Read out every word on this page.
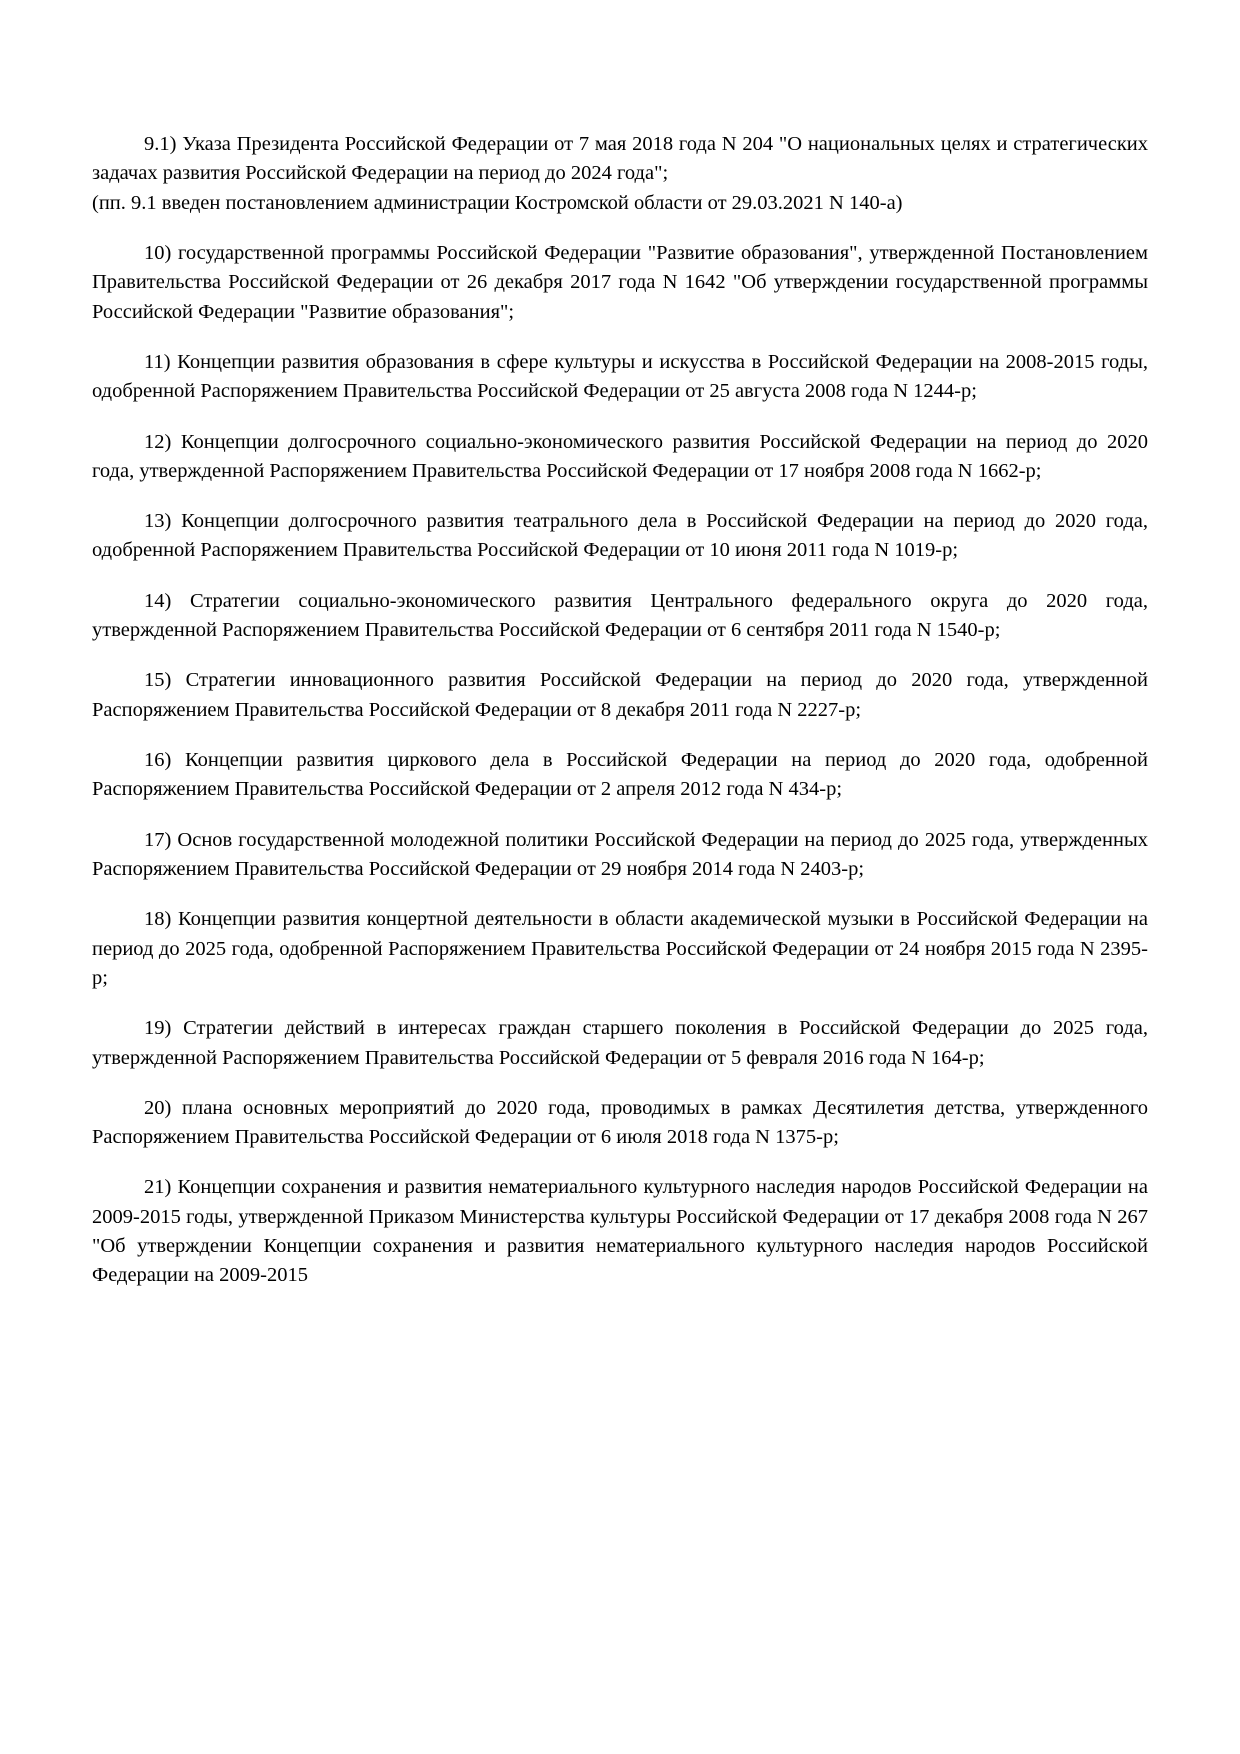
9.1) Указа Президента Российской Федерации от 7 мая 2018 года N 204 "О национальных целях и стратегических задачах развития Российской Федерации на период до 2024 года";

(пп. 9.1 введен постановлением администрации Костромской области от 29.03.2021 N 140-а)

10) государственной программы Российской Федерации "Развитие образования", утвержденной Постановлением Правительства Российской Федерации от 26 декабря 2017 года N 1642 "Об утверждении государственной программы Российской Федерации "Развитие образования";

11) Концепции развития образования в сфере культуры и искусства в Российской Федерации на 2008-2015 годы, одобренной Распоряжением Правительства Российской Федерации от 25 августа 2008 года N 1244-р;

12) Концепции долгосрочного социально-экономического развития Российской Федерации на период до 2020 года, утвержденной Распоряжением Правительства Российской Федерации от 17 ноября 2008 года N 1662-р;

13) Концепции долгосрочного развития театрального дела в Российской Федерации на период до 2020 года, одобренной Распоряжением Правительства Российской Федерации от 10 июня 2011 года N 1019-р;

14) Стратегии социально-экономического развития Центрального федерального округа до 2020 года, утвержденной Распоряжением Правительства Российской Федерации от 6 сентября 2011 года N 1540-р;

15) Стратегии инновационного развития Российской Федерации на период до 2020 года, утвержденной Распоряжением Правительства Российской Федерации от 8 декабря 2011 года N 2227-р;

16) Концепции развития циркового дела в Российской Федерации на период до 2020 года, одобренной Распоряжением Правительства Российской Федерации от 2 апреля 2012 года N 434-р;

17) Основ государственной молодежной политики Российской Федерации на период до 2025 года, утвержденных Распоряжением Правительства Российской Федерации от 29 ноября 2014 года N 2403-р;

18) Концепции развития концертной деятельности в области академической музыки в Российской Федерации на период до 2025 года, одобренной Распоряжением Правительства Российской Федерации от 24 ноября 2015 года N 2395-р;

19) Стратегии действий в интересах граждан старшего поколения в Российской Федерации до 2025 года, утвержденной Распоряжением Правительства Российской Федерации от 5 февраля 2016 года N 164-р;

20) плана основных мероприятий до 2020 года, проводимых в рамках Десятилетия детства, утвержденного Распоряжением Правительства Российской Федерации от 6 июля 2018 года N 1375-р;

21) Концепции сохранения и развития нематериального культурного наследия народов Российской Федерации на 2009-2015 годы, утвержденной Приказом Министерства культуры Российской Федерации от 17 декабря 2008 года N 267 "Об утверждении Концепции сохранения и развития нематериального культурного наследия народов Российской Федерации на 2009-2015
